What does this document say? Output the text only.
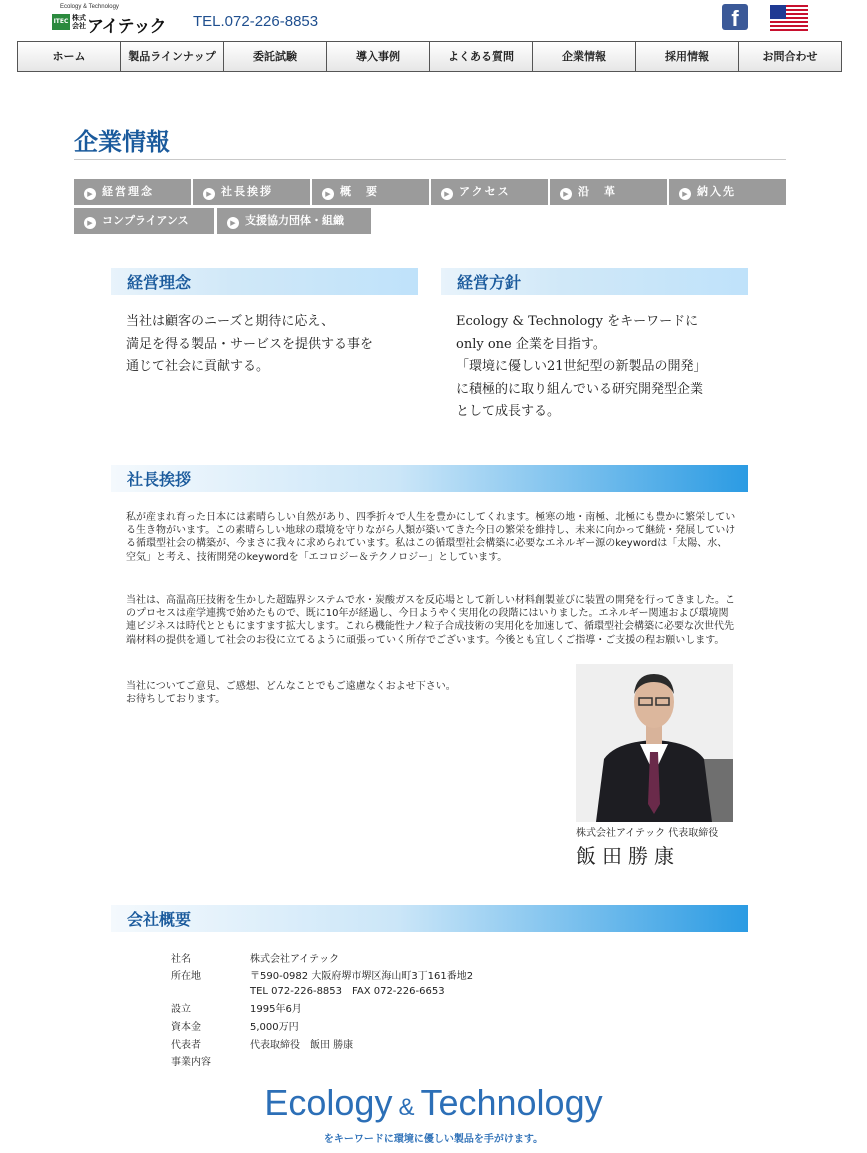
Ecology & Technology
ITEC 株式会社 アイテック TEL.072-226-8853	f
ホーム	製品ラインナップ	委託試験	導入事例	よくある質問	企業情報	採用情報	お問合わせ
企業情報
▶ 経営理念	▶ 社長挨拶	▶ 概　要	▶ アクセス	▶ 沿　革	▶ 納入先
▶ コンプライアンス	▶ 支援協力団体・組織
経営理念

当社は顧客のニーズと期待に応え、

満足を得る製品・サービスを提供する事を

通じて社会に貢献する。

経営方針

Ecology & Technology をキーワードに

only one 企業を目指す。

「環境に優しい21世紀型の新製品の開発」

に積極的に取り組んでいる研究開発型企業

として成長する。

社長挨拶

私が産まれ育った日本には素晴らしい自然があり、四季折々で人生を豊かにしてくれます。極寒の地・南極、北極にも豊かに繁栄している生き物がいます。この素晴らしい地球の環境を守りながら人類が築いてきた今日の繁栄を維持し、未来に向かって継続・発展していける循環型社会の構築が、今まさに我々に求められています。私はこの循環型社会構築に必要なエネルギー源のkeywordは「太陽、水、空気」と考え、技術開発のkeywordを「エコロジー＆テクノロジー」としています。

当社は、高温高圧技術を生かした超臨界システムで水・炭酸ガスを反応場として新しい材料創製並びに装置の開発を行ってきました。このプロセスは産学連携で始めたもので、既に10年が経過し、今日ようやく実用化の段階にはいりました。エネルギー関連および環境関連ビジネスは時代とともにますます拡大します。これら機能性ナノ粒子合成技術の実用化を加速して、循環型社会構築に必要な次世代先端材料の提供を通して社会のお役に立てるように頑張っていく所存でございます。今後とも宜しくご指導・ご支援の程お願いします。

当社についてご意見、ご感想、どんなことでもご遠慮なくおよせ下さい。

お待ちしております。

株式会社アイテック 代表取締役
飯田勝康
会社概要
社名	株式会社アイテック
所在地	〒590-0982 大阪府堺市堺区海山町3丁161番地2
TEL 072-226-8853　FAX 072-226-6653
設立	1995年6月
資本金	5,000万円
代表者	代表取締役　飯田 勝康
事業内容
Ecology & Technology
をキーワードに環境に優しい製品を手がけます。
